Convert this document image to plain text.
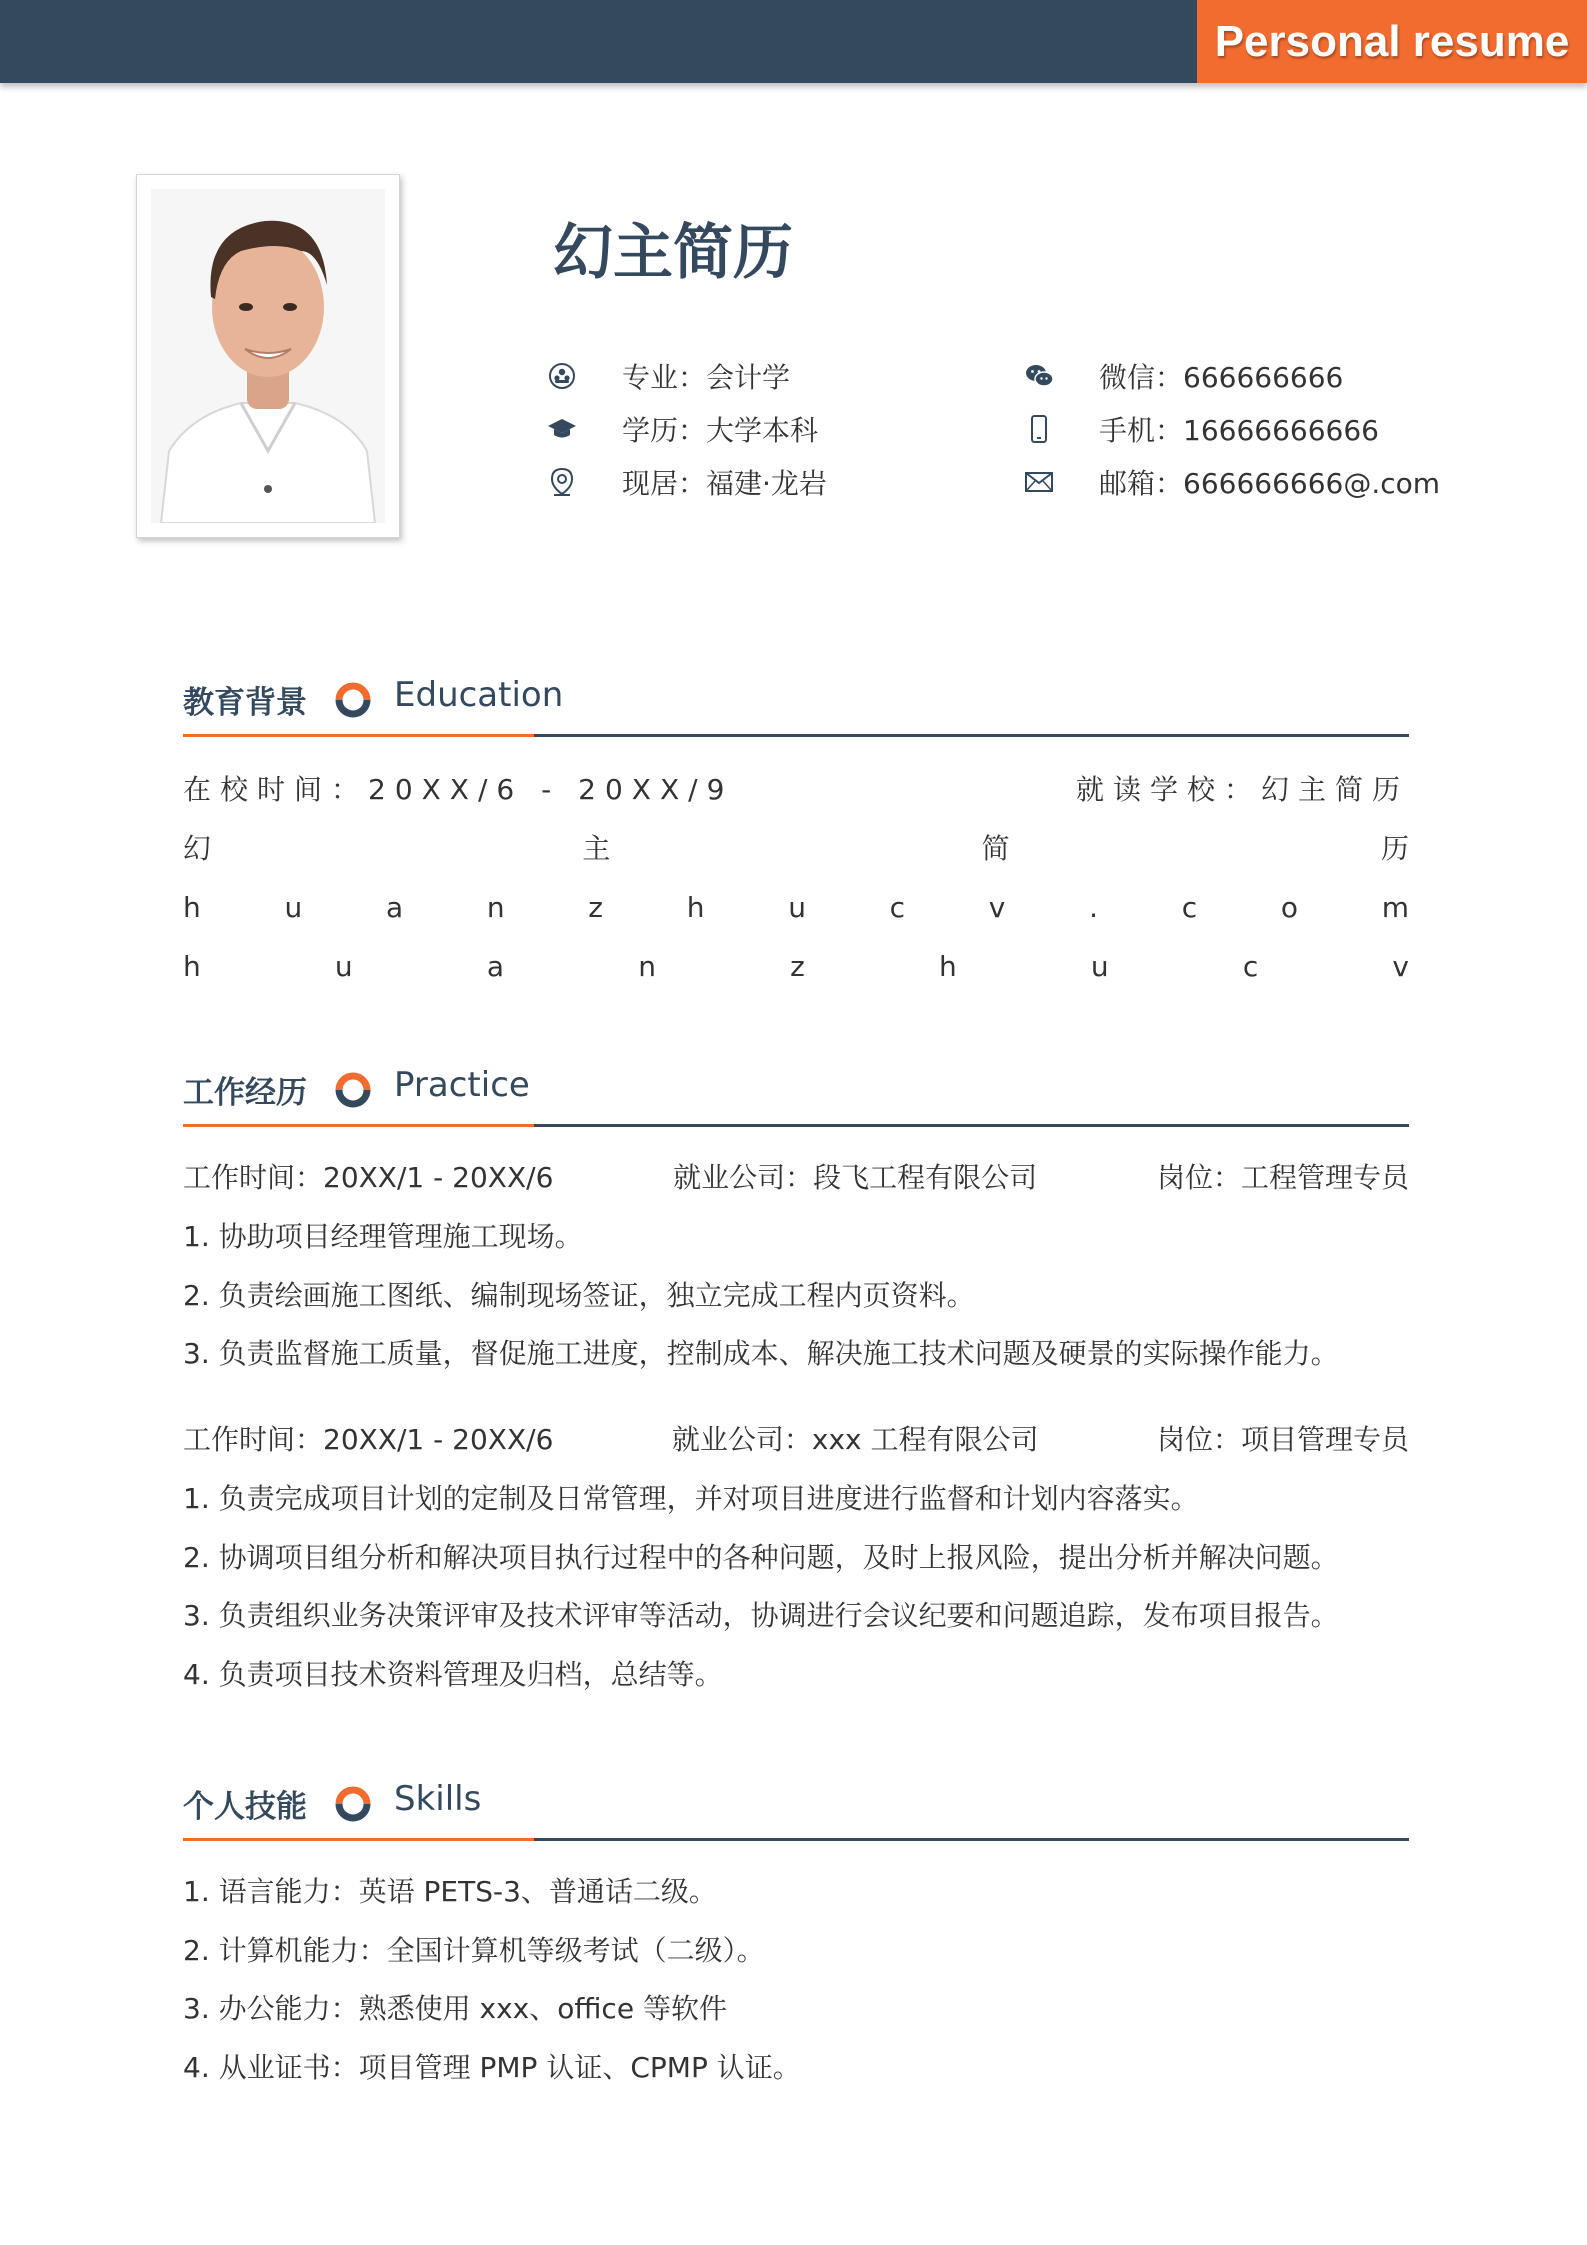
Personal resume
幻主简历
专业：会计学
学历：大学本科
现居：福建·龙岩
微信：666666666
手机：16666666666
邮箱：666666666@.com
教育背景	Education
在校时间：20XX/6 - 20XX/9	就读学校：幻主简历
幻	主	简	历
h	u	a	n	z	h	u	c	v	.	c	o	m
h	u	a	n	z	h	u	c	v
工作经历	Practice
工作时间：20XX/1 - 20XX/6	就业公司：段飞工程有限公司	岗位：工程管理专员
1. 协助项目经理管理施工现场。
2. 负责绘画施工图纸、编制现场签证，独立完成工程内页资料。
3. 负责监督施工质量，督促施工进度，控制成本、解决施工技术问题及硬景的实际操作能力。
工作时间：20XX/1 - 20XX/6	就业公司：xxx 工程有限公司	岗位：项目管理专员
1. 负责完成项目计划的定制及日常管理，并对项目进度进行监督和计划内容落实。
2. 协调项目组分析和解决项目执行过程中的各种问题，及时上报风险，提出分析并解决问题。
3. 负责组织业务决策评审及技术评审等活动，协调进行会议纪要和问题追踪，发布项目报告。
4. 负责项目技术资料管理及归档，总结等。
个人技能	Skills
1. 语言能力：英语 PETS-3、普通话二级。
2. 计算机能力：全国计算机等级考试（二级）。
3. 办公能力：熟悉使用 xxx、office 等软件
4. 从业证书：项目管理 PMP 认证、CPMP 认证。
